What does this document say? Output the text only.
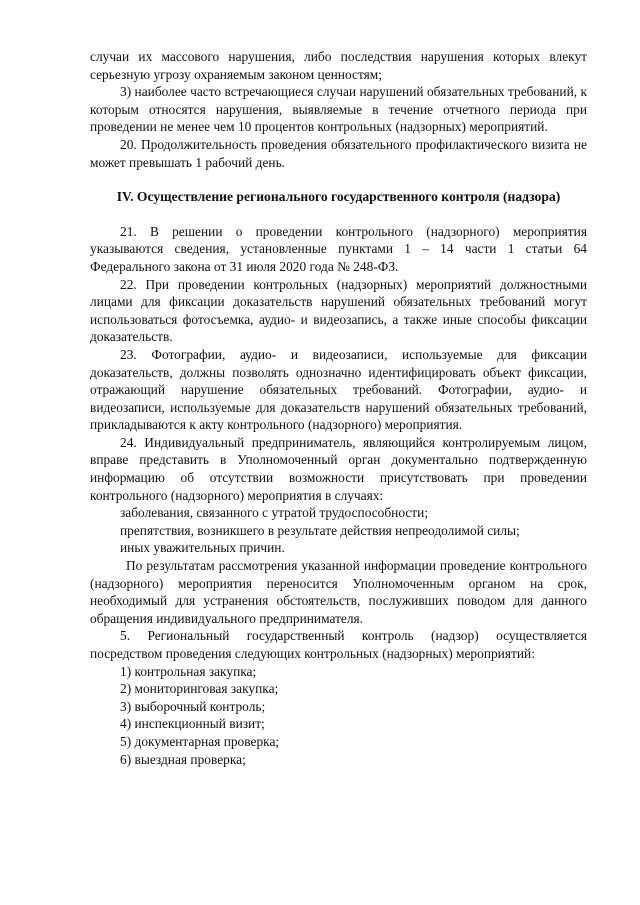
случаи их массового нарушения, либо последствия нарушения которых влекут серьезную угрозу охраняемым законом ценностям;

3) наиболее часто встречающиеся случаи нарушений обязательных требований, к которым относятся нарушения, выявляемые в течение отчетного периода при проведении не менее чем 10 процентов контрольных (надзорных) мероприятий.

20. Продолжительность проведения обязательного профилактического визита не может превышать 1 рабочий день.

IV. Осуществление регионального государственного контроля (надзора)

21. В решении о проведении контрольного (надзорного) мероприятия указываются сведения, установленные пунктами 1 – 14 части 1 статьи 64 Федерального закона от 31 июля 2020 года № 248-ФЗ.

22. При проведении контрольных (надзорных) мероприятий должностными лицами для фиксации доказательств нарушений обязательных требований могут использоваться фотосъемка, аудио- и видеозапись, а также иные способы фиксации доказательств.

23. Фотографии, аудио- и видеозаписи, используемые для фиксации доказательств, должны позволять однозначно идентифицировать объект фиксации, отражающий нарушение обязательных требований. Фотографии, аудио- и видеозаписи, используемые для доказательств нарушений обязательных требований, прикладываются к акту контрольного (надзорного) мероприятия.

24. Индивидуальный предприниматель, являющийся контролируемым лицом, вправе представить в Уполномоченный орган документально подтвержденную информацию об отсутствии возможности присутствовать при проведении контрольного (надзорного) мероприятия в случаях:

заболевания, связанного с утратой трудоспособности;

препятствия, возникшего в результате действия непреодолимой силы;

иных уважительных причин.

По результатам рассмотрения указанной информации проведение контрольного (надзорного) мероприятия переносится Уполномоченным органом на срок, необходимый для устранения обстоятельств, послуживших поводом для данного обращения индивидуального предпринимателя.

5. Региональный государственный контроль (надзор) осуществляется посредством проведения следующих контрольных (надзорных) мероприятий:

1) контрольная закупка;

2) мониторинговая закупка;

3) выборочный контроль;

4) инспекционный визит;

5) документарная проверка;

6) выездная проверка;
